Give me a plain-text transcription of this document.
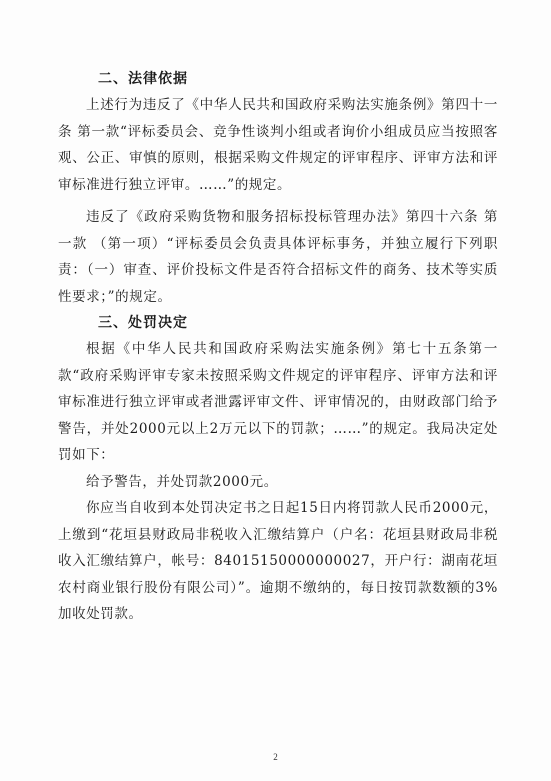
二、法律依据

上述行为违反了《中华人民共和国政府采购法实施条例》第四十一条 第一款“评标委员会、竞争性谈判小组或者询价小组成员应当按照客观、公正、审慎的原则，根据采购文件规定的评审程序、评审方法和评审标准进行独立评审。……”的规定。

违反了《政府采购货物和服务招标投标管理办法》第四十六条 第一款 （第一项）“评标委员会负责具体评标事务，并独立履行下列职责：（一）审查、评价投标文件是否符合招标文件的商务、技术等实质性要求；”的规定。

三、处罚决定

根据《中华人民共和国政府采购法实施条例》第七十五条第一款“政府采购评审专家未按照采购文件规定的评审程序、评审方法和评审标准进行独立评审或者泄露评审文件、评审情况的，由财政部门给予警告，并处2000元以上2万元以下的罚款；……”的规定。我局决定处罚如下：

给予警告，并处罚款2000元。

你应当自收到本处罚决定书之日起15日内将罚款人民币2000元，上缴到“花垣县财政局非税收入汇缴结算户（户名：花垣县财政局非税收入汇缴结算户，帐号：84015150000000027，开户行：湖南花垣农村商业银行股份有限公司）”。逾期不缴纳的，每日按罚款数额的3%加收处罚款。

2
